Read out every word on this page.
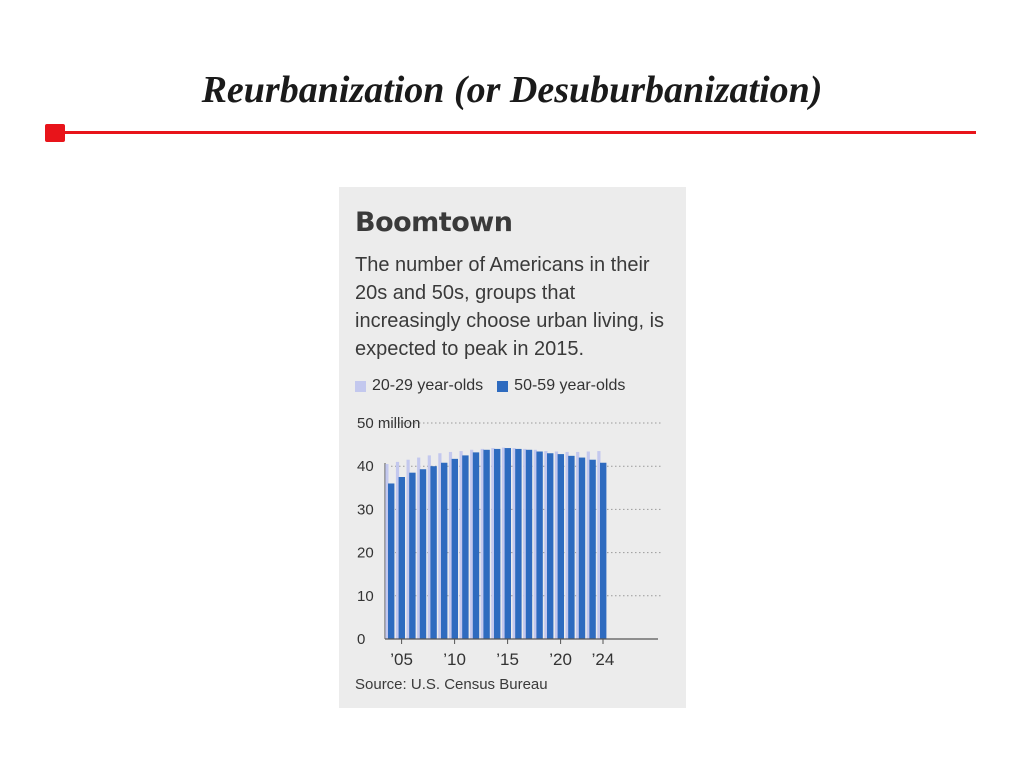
Reurbanization (or Desuburbanization)
Boomtown
The number of Americans in their 20s and 50s, groups that increasingly choose urban living, is expected to peak in 2015.
20-29 year-olds 50-59 year-olds
0
10
20
30
40
50 million
’05 ’10 ’15 ’20 ’24
Source: U.S. Census Bureau
